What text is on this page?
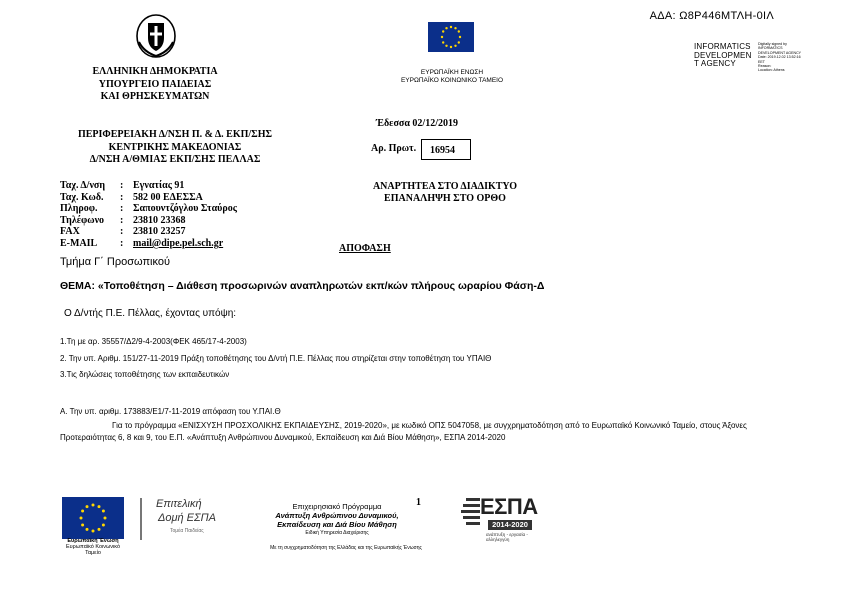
ΑΔΑ: Ω8Ρ446ΜΤΛΗ-0ΙΛ
ΕΛΛΗΝΙΚΗ ΔΗΜΟΚΡΑΤΙΑ
ΥΠΟΥΡΓΕΙΟ ΠΑΙΔΕΙΑΣ
ΚΑΙ ΘΡΗΣΚΕΥΜΑΤΩΝ
ΕΥΡΩΠΑΪΚΗ ΕΝΩΣΗ
ΕΥΡΩΠΑΪΚΟ ΚΟΙΝΩΝΙΚΟ ΤΑΜΕΙΟ
INFORMATICS
DEVELOPMEN
T AGENCY
Digitally signed by
INFORMATICS
DEVELOPMENT AGENCY
Date: 2019.12.02 13:52:16
EET
Reason:
Location: Athens
Έδεσσα 02/12/2019
ΠΕΡΙΦΕΡΕΙΑΚΗ Δ/ΝΣΗ Π. & Δ. ΕΚΠ/ΣΗΣ
ΚΕΝΤΡΙΚΗΣ ΜΑΚΕΔΟΝΙΑΣ
Δ/ΝΣΗ Α/ΘΜΙΑΣ ΕΚΠ/ΣΗΣ ΠΕΛΛΑΣ
Αρ. Πρωτ.	16954
Ταχ. Δ/νση	: Εγνατίας 91
Ταχ. Κωδ.	: 582 00 ΕΔΕΣΣΑ
Πληροφ.	: Σαπουντζόγλου Σταύρος
Τηλέφωνο	: 23810 23368
FAX	: 23810 23257
E-MAIL	: mail@dipe.pel.sch.gr
ΑΝΑΡΤΗΤΕΑ ΣΤΟ ΔΙΑΔΙΚΤΥΟ
ΕΠΑΝΑΛΗΨΗ ΣΤΟ ΟΡΘΟ
ΑΠΟΦΑΣΗ
Τμήμα Γ΄ Προσωπικού
ΘΕΜΑ: «Τοποθέτηση – Διάθεση προσωρινών αναπληρωτών εκπ/κών πλήρους ωραρίου Φάση-Δ
Ο Δ/ντής Π.Ε. Πέλλας, έχοντας υπόψη:
1.Τη με αρ. 35557/Δ2/9-4-2003(ΦΕΚ 465/17-4-2003)
2. Την υπ. Αριθμ. 151/27-11-2019 Πράξη τοποθέτησης του Δ/ντή Π.Ε. Πέλλας που στηρίζεται στην τοποθέτηση του ΥΠΑΙΘ
3.Τις δηλώσεις τοποθέτησης των εκπαιδευτικών
Α. Την υπ. αριθμ. 173883/Ε1/7-11-2019 απόφαση του Υ.ΠΑΙ.Θ
Για το πρόγραμμα «ΕΝΙΣΧΥΣΗ ΠΡΟΣΧΟΛΙΚΗΣ ΕΚΠΑΙΔΕΥΣΗΣ, 2019-2020», με κωδικό ΟΠΣ 5047058, με συγχρηματοδότηση από το Ευρωπαϊκό Κοινωνικό Ταμείο, στους Άξονες Προτεραιότητας 6, 8 και 9, του Ε.Π. «Ανάπτυξη Ανθρώπινου Δυναμικού, Εκπαίδευση και Διά Βίου Μάθηση», ΕΣΠΑ 2014-2020
Ευρωπαϊκή Ένωση
Ευρωπαϊκό Κοινωνικό Ταμείο
Επιτελική
Δομή ΕΣΠΑ
Τομέα Παιδείας
Επιχειρησιακό Πρόγραμμα
Ανάπτυξη Ανθρώπινου Δυναμικού,
Εκπαίδευση και Διά Βίου Μάθηση
Ειδική Υπηρεσία Διαχείρισης
Με τη συγχρηματοδότηση της Ελλάδας και της Ευρωπαϊκής Ένωσης
1	ΕΣΠΑ
2014-2020
ανάπτυξη - εργασία - αλληλεγγύη
